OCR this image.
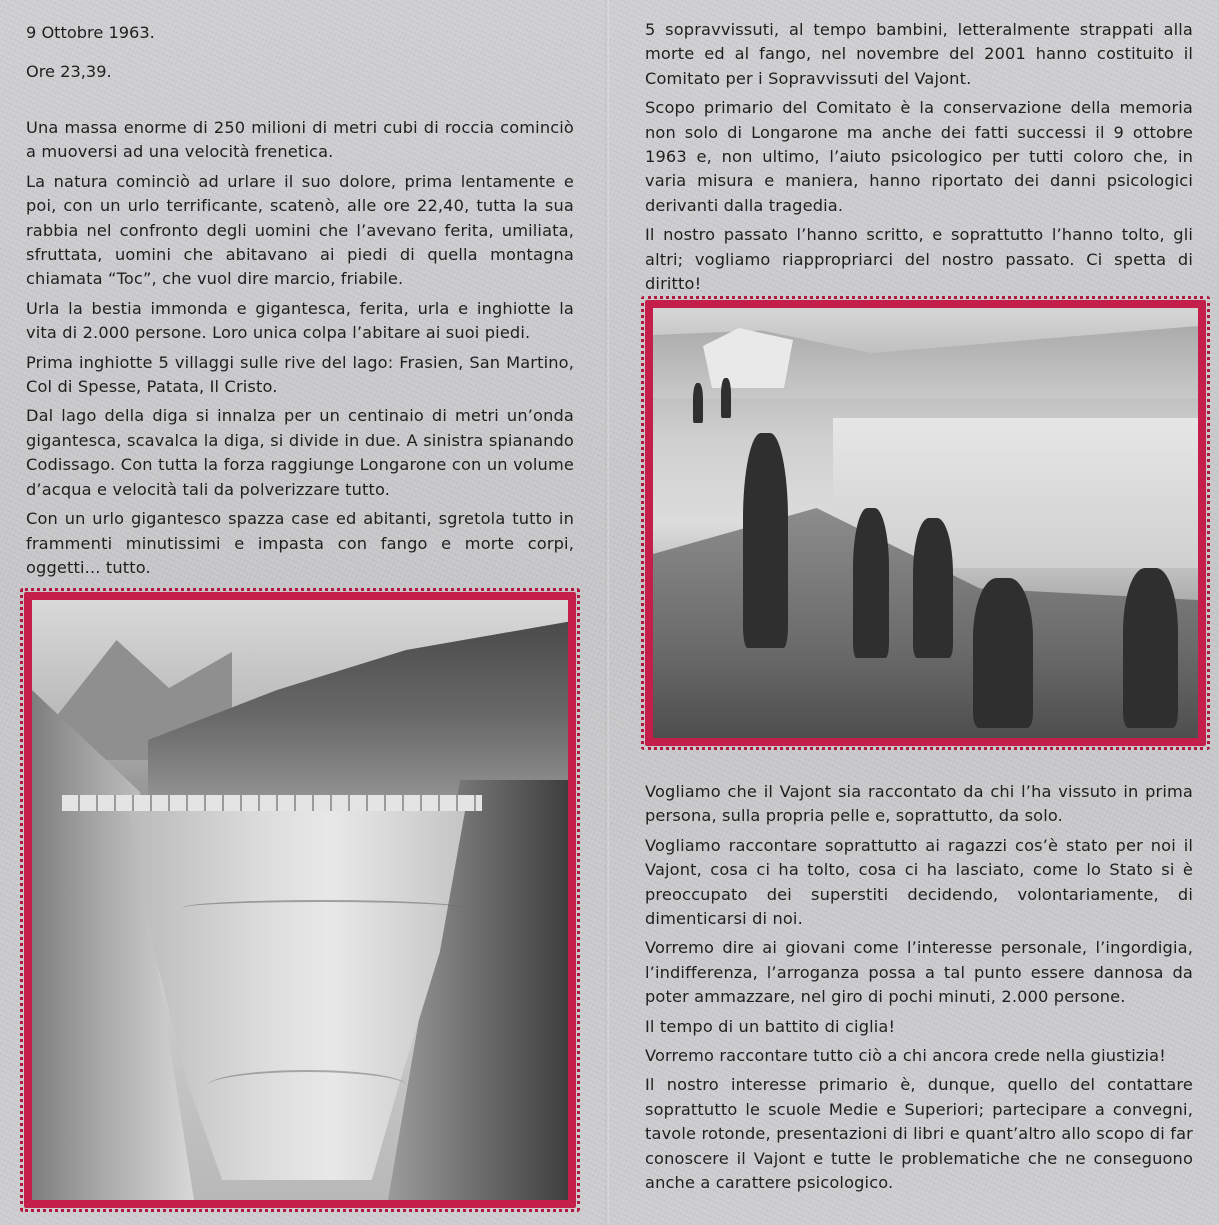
9 Ottobre 1963.

Ore 23,39.

Una massa enorme di 250 milioni di metri cubi di roccia cominciò a muoversi ad una velocità frenetica.

La natura cominciò ad urlare il suo dolore, prima lentamente e poi, con un urlo terrificante, scatenò, alle ore 22,40, tutta la sua rabbia nel confronto degli uomini che l’avevano ferita, umiliata, sfruttata, uomini che abitavano ai piedi di quella montagna chiamata “Toc”, che vuol dire marcio, friabile.

Urla la bestia immonda e gigantesca, ferita, urla e inghiotte la vita di 2.000 persone. Loro unica colpa l’abitare ai suoi piedi.

Prima inghiotte 5 villaggi sulle rive del lago: Frasien, San Martino, Col di Spesse, Patata, Il Cristo.

Dal lago della diga si innalza per un centinaio di metri un’onda gigantesca, scavalca la diga, si divide in due. A sinistra spianando Codissago. Con tutta la forza raggiunge Longarone con un volume d’acqua e velocità tali da polverizzare tutto.

Con un urlo gigantesco spazza case ed abitanti, sgretola tutto in frammenti minutissimi e impasta con fango e morte corpi, oggetti... tutto.

5 sopravvissuti, al tempo bambini, letteralmente strappati alla morte ed al fango, nel novembre del 2001 hanno costituito il Comitato per i Sopravvissuti del Vajont.

Scopo primario del Comitato è la conservazione della memoria non solo di Longarone ma anche dei fatti successi il 9 ottobre 1963 e, non ultimo, l’aiuto psicologico per tutti coloro che, in varia misura e maniera, hanno riportato dei danni psicologici derivanti dalla tragedia.

Il nostro passato l’hanno scritto, e soprattutto l’hanno tolto, gli altri; vogliamo riappropriarci del nostro passato. Ci spetta di diritto!

Vogliamo che il Vajont sia raccontato da chi l’ha vissuto in prima persona, sulla propria pelle e, soprattutto, da solo.

Vogliamo raccontare soprattutto ai ragazzi cos’è stato per noi il Vajont, cosa ci ha tolto, cosa ci ha lasciato, come lo Stato si è preoccupato dei superstiti decidendo, volontariamente, di dimenticarsi di noi.

Vorremo dire ai giovani come l’interesse personale, l’ingordigia, l’indifferenza, l’arroganza possa a tal punto essere dannosa da poter ammazzare, nel giro di pochi minuti, 2.000 persone.

Il tempo di un battito di ciglia!

Vorremo raccontare tutto ciò a chi ancora crede nella giustizia!

Il nostro interesse primario è, dunque, quello del contattare soprattutto le scuole Medie e Superiori; partecipare a convegni, tavole rotonde, presentazioni di libri e quant’altro allo scopo di far conoscere il Vajont e tutte le problematiche che ne conseguono anche a carattere psicologico.
